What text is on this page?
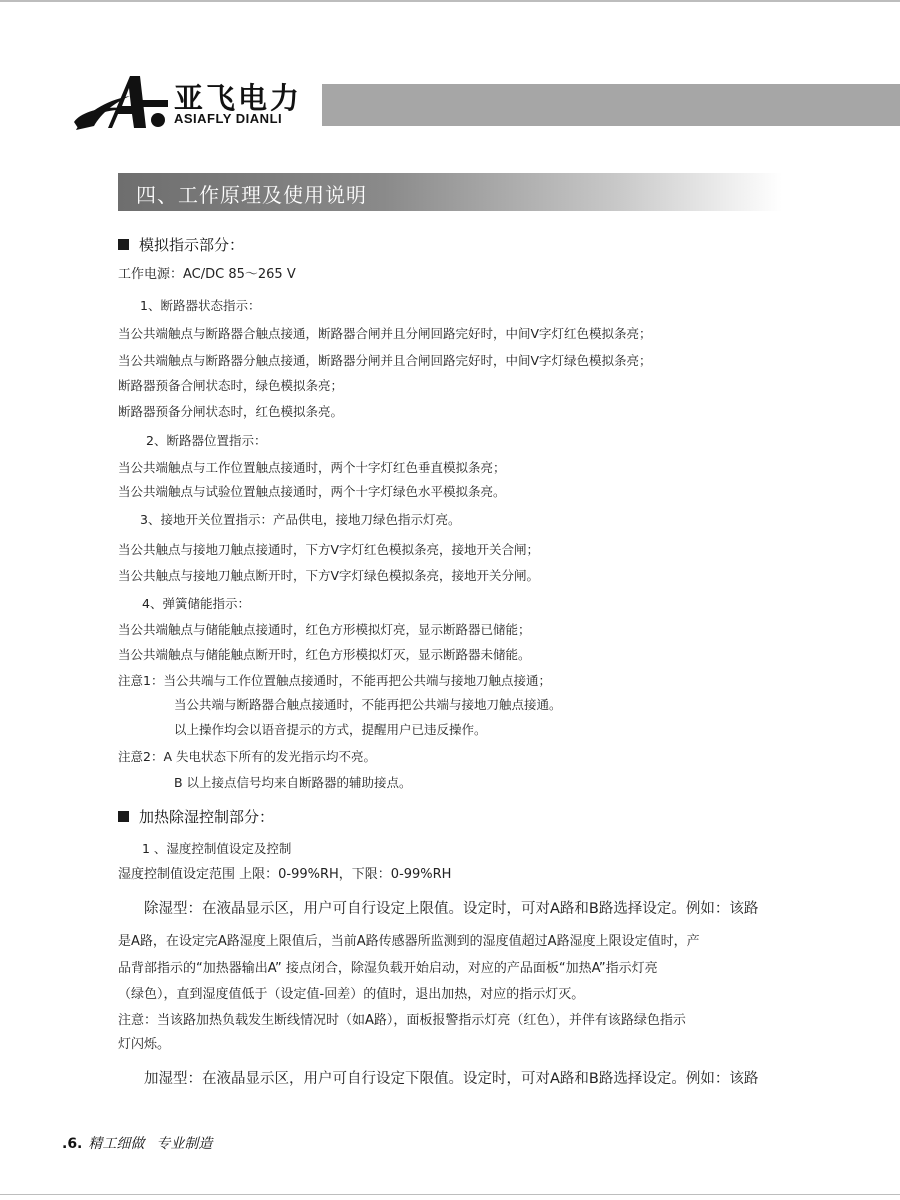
亚飞电力
ASIAFLY DIANLI
四、工作原理及使用说明
模拟指示部分：
工作电源：AC/DC 85～265 V
1、断路器状态指示：
当公共端触点与断路器合触点接通，断路器合闸并且分闸回路完好时，中间V字灯红色模拟条亮；
当公共端触点与断路器分触点接通，断路器分闸并且合闸回路完好时，中间V字灯绿色模拟条亮；
断路器预备合闸状态时，绿色模拟条亮；
断路器预备分闸状态时，红色模拟条亮。
2、断路器位置指示：
当公共端触点与工作位置触点接通时，两个十字灯红色垂直模拟条亮；
当公共端触点与试验位置触点接通时，两个十字灯绿色水平模拟条亮。
3、接地开关位置指示：产品供电，接地刀绿色指示灯亮。
当公共触点与接地刀触点接通时，下方V字灯红色模拟条亮，接地开关合闸；
当公共触点与接地刀触点断开时，下方V字灯绿色模拟条亮，接地开关分闸。
4、弹簧储能指示：
当公共端触点与储能触点接通时，红色方形模拟灯亮，显示断路器已储能；
当公共端触点与储能触点断开时，红色方形模拟灯灭，显示断路器未储能。
注意1：当公共端与工作位置触点接通时，不能再把公共端与接地刀触点接通；
当公共端与断路器合触点接通时，不能再把公共端与接地刀触点接通。
以上操作均会以语音提示的方式，提醒用户已违反操作。
注意2：A 失电状态下所有的发光指示均不亮。
B 以上接点信号均来自断路器的辅助接点。
加热除湿控制部分：
1 、湿度控制值设定及控制
湿度控制值设定范围 上限：0-99%RH，下限：0-99%RH
除湿型：在液晶显示区，用户可自行设定上限值。设定时，可对A路和B路选择设定。例如：该路
是A路，在设定完A路湿度上限值后，当前A路传感器所监测到的湿度值超过A路湿度上限设定值时，产
品背部指示的“加热器输出A” 接点闭合，除湿负载开始启动，对应的产品面板“加热A”指示灯亮
（绿色），直到湿度值低于（设定值-回差）的值时，退出加热，对应的指示灯灭。
注意：当该路加热负载发生断线情况时（如A路），面板报警指示灯亮（红色），并伴有该路绿色指示
灯闪烁。
加湿型：在液晶显示区，用户可自行设定下限值。设定时，可对A路和B路选择设定。例如：该路
.6. 精工细做 专业制造
